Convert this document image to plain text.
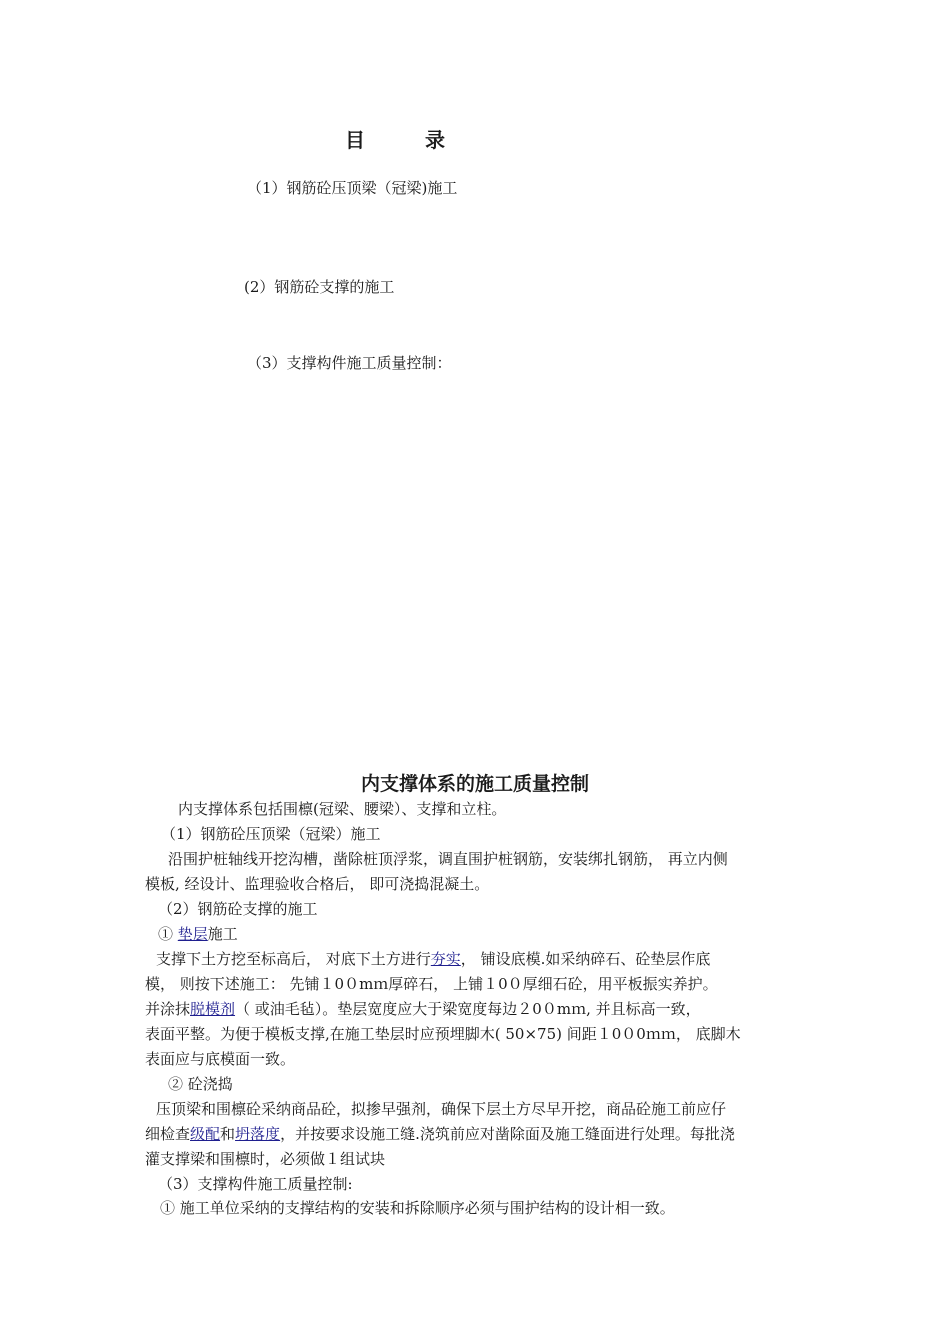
目	录
（1）钢筋砼压顶梁（冠梁)施工
(2）钢筋砼支撑的施工
（3）支撑构件施工质量控制：
内支撑体系的施工质量控制
内支撑体系包括围檩(冠梁、腰梁）、支撑和立柱。
（1）钢筋砼压顶梁（冠梁）施工
沿围护桩轴线开挖沟槽，凿除桩顶浮浆，调直围护桩钢筋，安装绑扎钢筋， 再立内侧
模板, 经设计、监理验收合格后， 即可浇捣混凝土。
（2）钢筋砼支撑的施工
① 垫层施工
支撑下土方挖至标高后， 对底下土方进行夯实， 铺设底模.如采纳碎石、砼垫层作底
模， 则按下述施工： 先铺１0０mｍ厚碎石， 上铺１0０厚细石砼，用平板振实养护。
并涂抹脱模剂（ 或油毛毡）。垫层宽度应大于梁宽度每边２0０mｍ, 并且标高一致，
表面平整。为便于模板支撑,在施工垫层时应预埋脚木( 50×75) 间距１0０0ｍｍ， 底脚木
表面应与底模面一致。
② 砼浇捣
压顶梁和围檩砼采纳商品砼，拟掺早强剂，确保下层土方尽早开挖，商品砼施工前应仔
细检查级配和坍落度，并按要求设施工缝.浇筑前应对凿除面及施工缝面进行处理。每批浇
灌支撑梁和围檩时，必须做１组试块
（3）支撑构件施工质量控制:
① 施工单位采纳的支撑结构的安装和拆除顺序必须与围护结构的设计相一致。
